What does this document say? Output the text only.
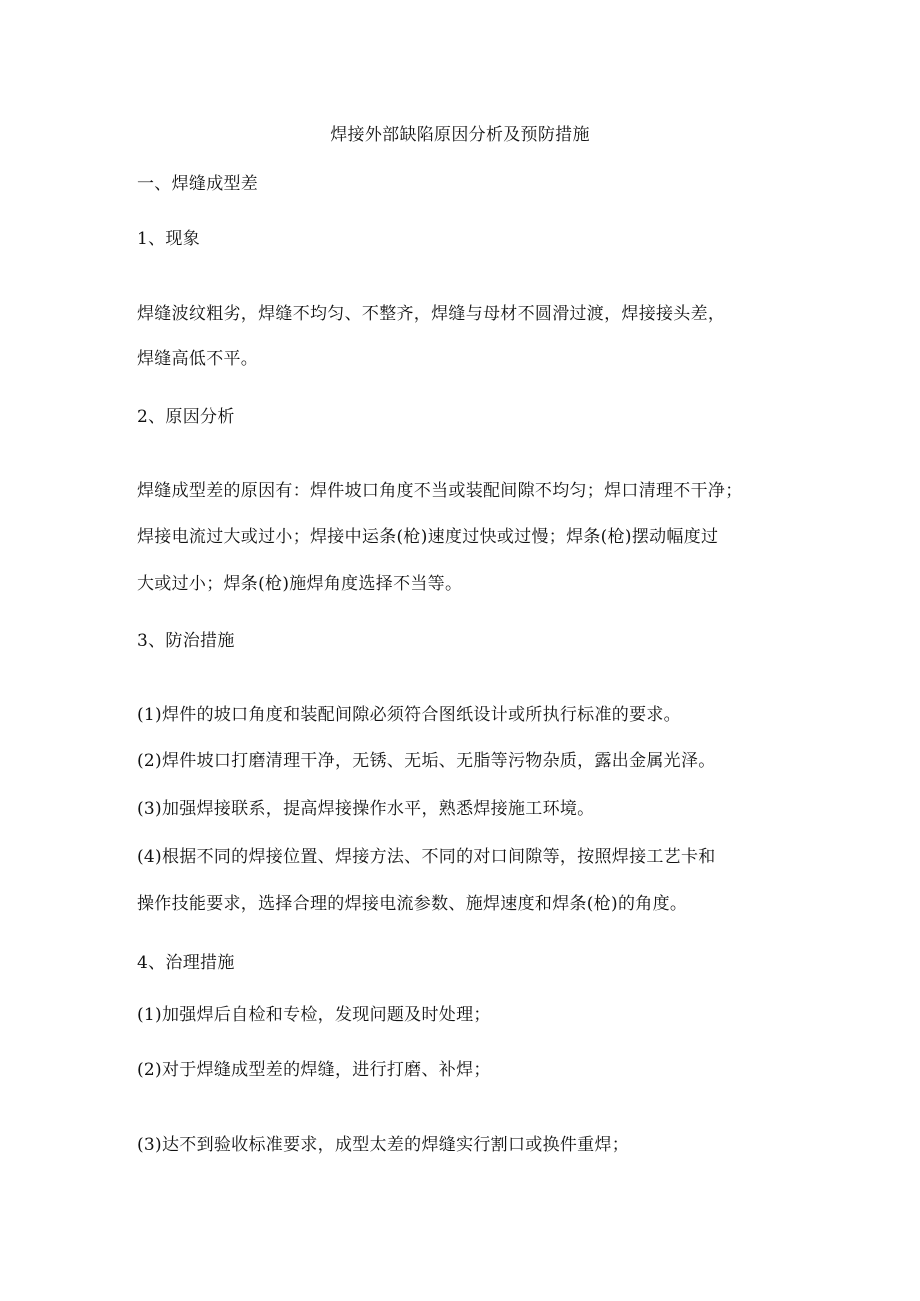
焊接外部缺陷原因分析及预防措施
一、焊缝成型差
1、现象
焊缝波纹粗劣，焊缝不均匀、不整齐，焊缝与母材不圆滑过渡，焊接接头差，
焊缝高低不平。
2、原因分析
焊缝成型差的原因有：焊件坡口角度不当或装配间隙不均匀；焊口清理不干净；
焊接电流过大或过小；焊接中运条(枪)速度过快或过慢；焊条(枪)摆动幅度过
大或过小；焊条(枪)施焊角度选择不当等。
3、防治措施
(1)焊件的坡口角度和装配间隙必须符合图纸设计或所执行标准的要求。
(2)焊件坡口打磨清理干净，无锈、无垢、无脂等污物杂质，露出金属光泽。
(3)加强焊接联系，提高焊接操作水平，熟悉焊接施工环境。
(4)根据不同的焊接位置、焊接方法、不同的对口间隙等，按照焊接工艺卡和
操作技能要求，选择合理的焊接电流参数、施焊速度和焊条(枪)的角度。
4、治理措施
(1)加强焊后自检和专检，发现问题及时处理；
(2)对于焊缝成型差的焊缝，进行打磨、补焊；
(3)达不到验收标准要求，成型太差的焊缝实行割口或换件重焊；
